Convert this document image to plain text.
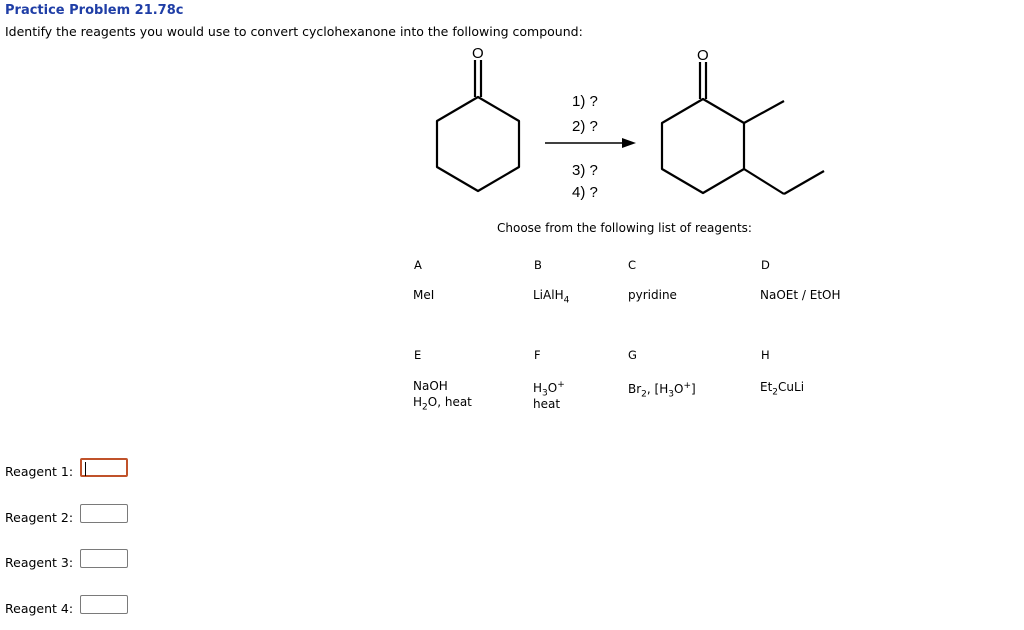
Practice Problem 21.78c
Identify the reagents you would use to convert cyclohexanone into the following compound:
O	O
1) ?
2) ?
3) ?
4) ?
Choose from the following list of reagents:
A
MeI
B
LiAlH$_4$
C
pyridine
D
NaOEt / EtOH
E
NaOH
$H_2O$, heat
F
$H_3O^+$
heat
G
$Br_2$, $[H_3O^+]$
H
$Et_2CuLi$
Reagent 1:
Reagent 2:
Reagent 3:
Reagent 4:
